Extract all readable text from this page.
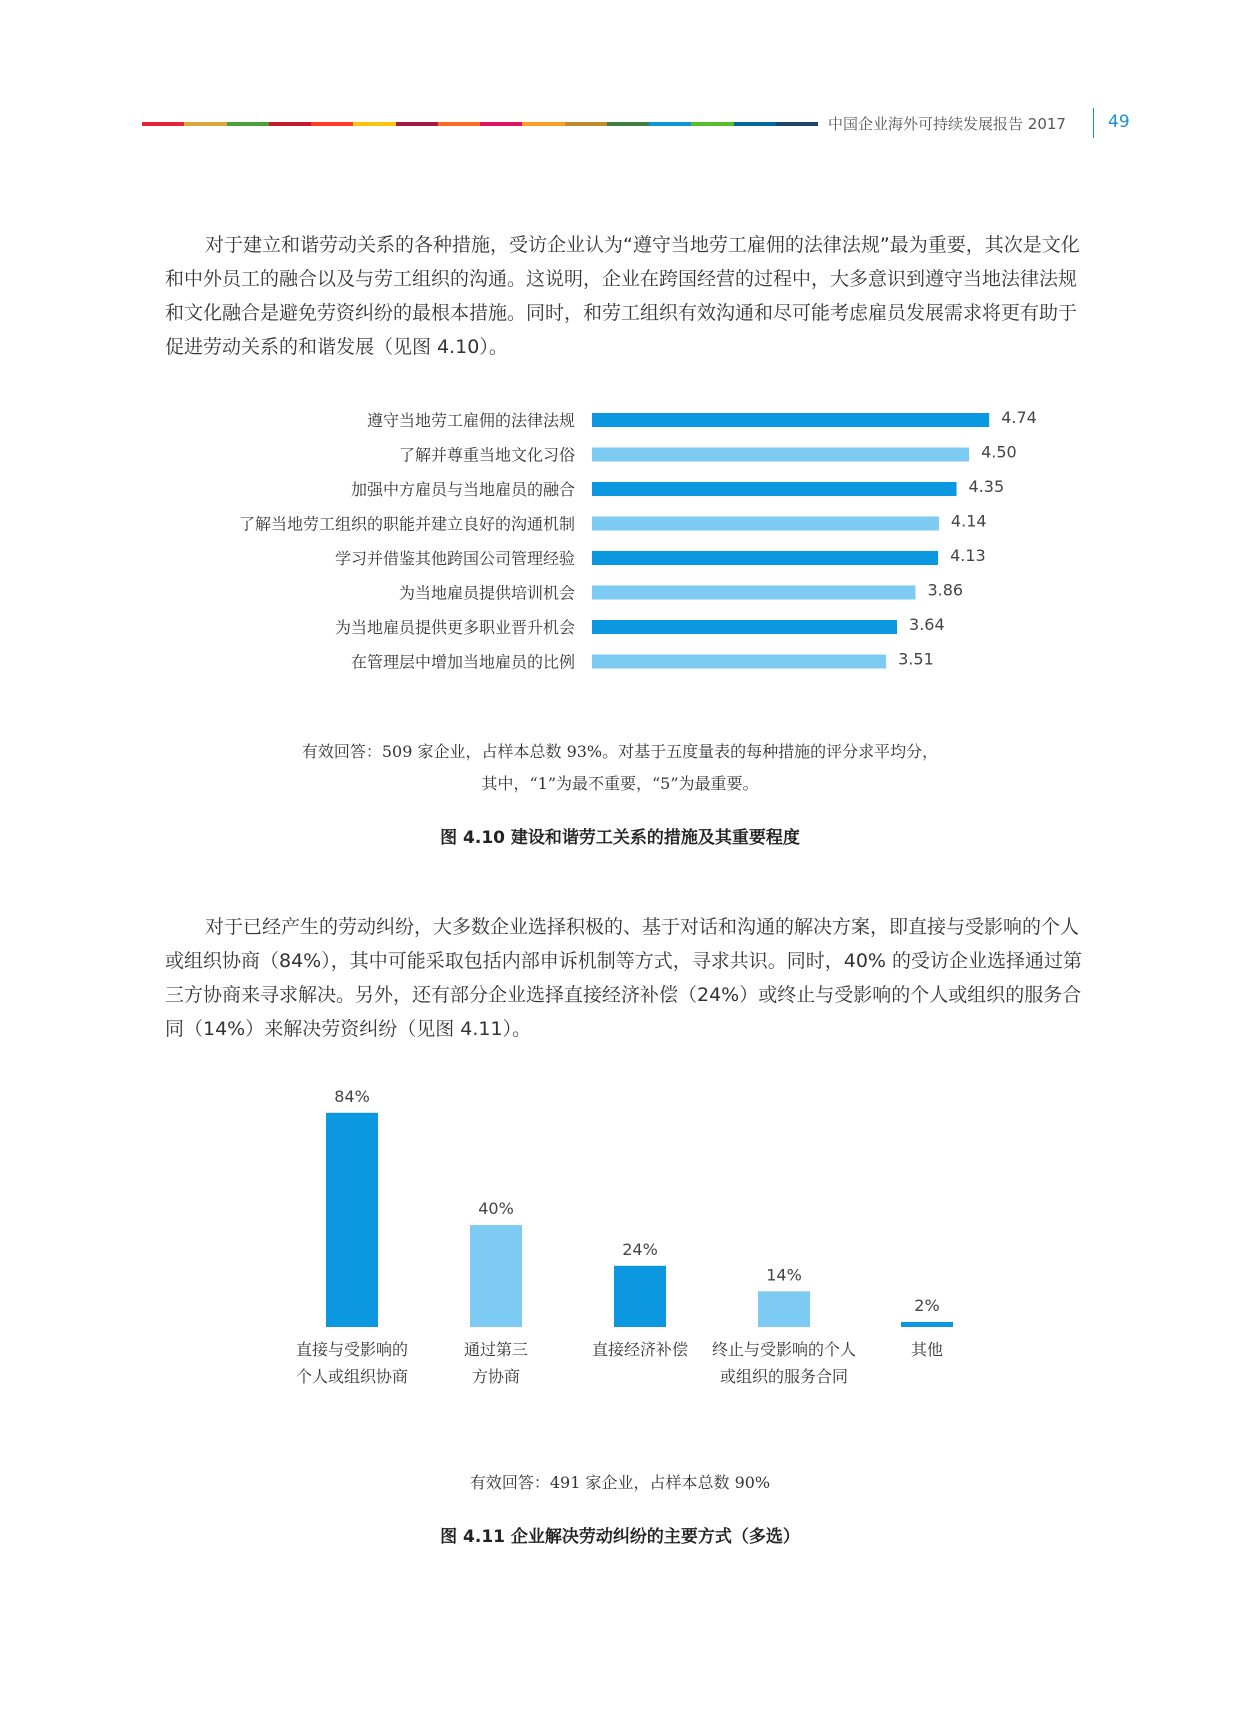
中国企业海外可持续发展报告 2017 49

对于建立和谐劳动关系的各种措施，受访企业认为“遵守当地劳工雇佣的法律法规”最为重要，其次是文化和中外员工的融合以及与劳工组织的沟通。这说明，企业在跨国经营的过程中，大多意识到遵守当地法律法规和文化融合是避免劳资纠纷的最根本措施。同时，和劳工组织有效沟通和尽可能考虑雇员发展需求将更有助于促进劳动关系的和谐发展（见图 4.10）。

遵守当地劳工雇佣的法律法规	4.74
了解并尊重当地文化习俗	4.50
加强中方雇员与当地雇员的融合	4.35
了解当地劳工组织的职能并建立良好的沟通机制	4.14
学习并借鉴其他跨国公司管理经验	4.13
为当地雇员提供培训机会	3.86
为当地雇员提供更多职业晋升机会	3.64
在管理层中增加当地雇员的比例	3.51
有效回答：509 家企业，占样本总数 93%。对基于五度量表的每种措施的评分求平均分，
其中，“1”为最不重要，“5”为最重要。
图 4.10 建设和谐劳工关系的措施及其重要程度

对于已经产生的劳动纠纷，大多数企业选择积极的、基于对话和沟通的解决方案，即直接与受影响的个人或组织协商（84%），其中可能采取包括内部申诉机制等方式，寻求共识。同时，40% 的受访企业选择通过第三方协商来寻求解决。另外，还有部分企业选择直接经济补偿（24%）或终止与受影响的个人或组织的服务合同（14%）来解决劳资纠纷（见图 4.11）。

84%
直接与受影响的
个人或组织协商
40%
通过第三
方协商
24%
直接经济补偿
14%
终止与受影响的个人
或组织的服务合同
2%
其他
有效回答：491 家企业，占样本总数 90%
图 4.11 企业解决劳动纠纷的主要方式（多选）
